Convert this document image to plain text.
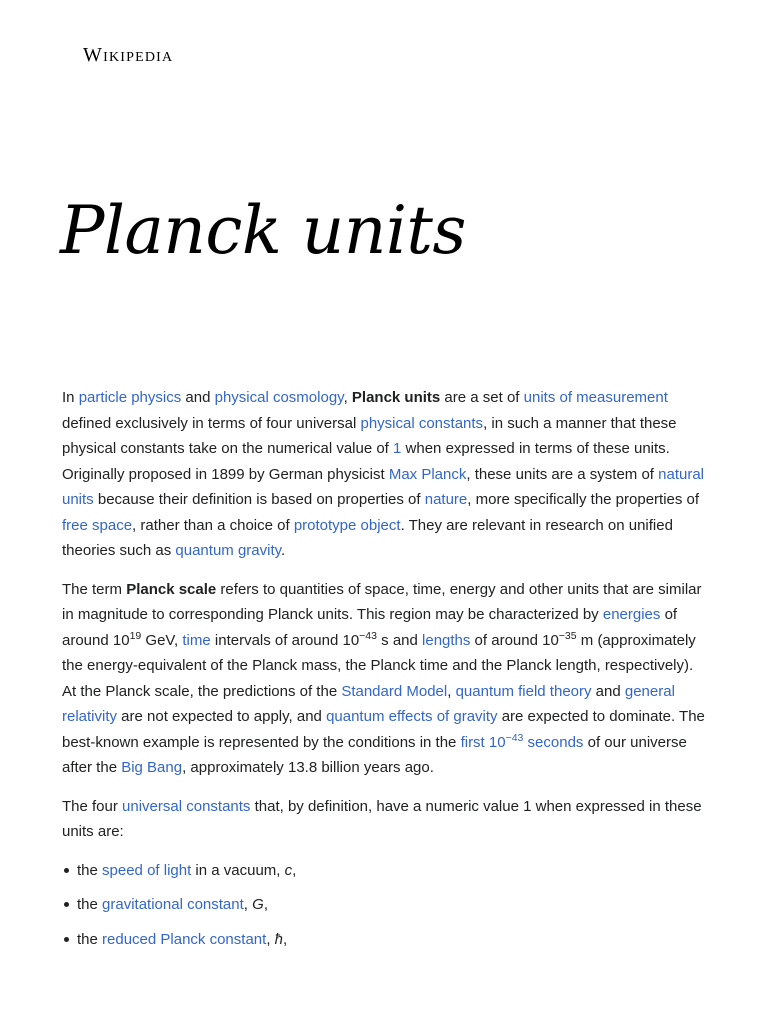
Wikipedia
Planck units

In particle physics and physical cosmology, Planck units are a set of units of measurement defined exclusively in terms of four universal physical constants, in such a manner that these physical constants take on the numerical value of 1 when expressed in terms of these units. Originally proposed in 1899 by German physicist Max Planck, these units are a system of natural units because their definition is based on properties of nature, more specifically the properties of free space, rather than a choice of prototype object. They are relevant in research on unified theories such as quantum gravity.

The term Planck scale refers to quantities of space, time, energy and other units that are similar in magnitude to corresponding Planck units. This region may be characterized by energies of around $10^{19}$ GeV, time intervals of around $10^{-43}$ s and lengths of around $10^{-35}$ m (approximately the energy-equivalent of the Planck mass, the Planck time and the Planck length, respectively). At the Planck scale, the predictions of the Standard Model, quantum field theory and general relativity are not expected to apply, and quantum effects of gravity are expected to dominate. The best-known example is represented by the conditions in the first $10^{-43}$ seconds of our universe after the Big Bang, approximately 13.8 billion years ago.

The four universal constants that, by definition, have a numeric value 1 when expressed in these units are:

the speed of light in a vacuum, c,
the gravitational constant, G,
the reduced Planck constant, ħ,
